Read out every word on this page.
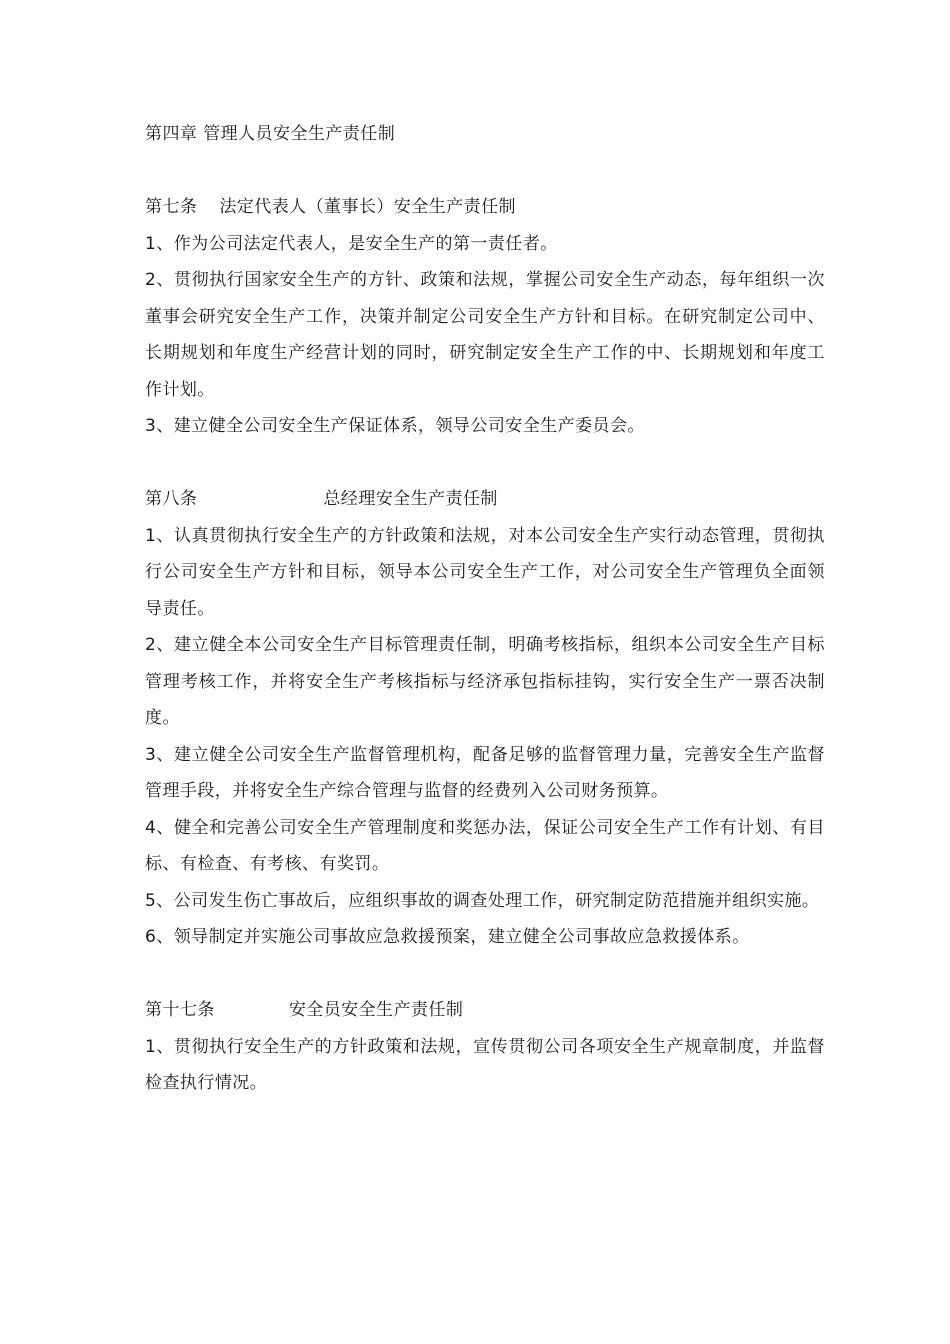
第四章 管理人员安全生产责任制
第七条 法定代表人（董事长）安全生产责任制

1、作为公司法定代表人，是安全生产的第一责任者。

2、贯彻执行国家安全生产的方针、政策和法规，掌握公司安全生产动态，每年组织一次董事会研究安全生产工作，决策并制定公司安全生产方针和目标。在研究制定公司中、长期规划和年度生产经营计划的同时，研究制定安全生产工作的中、长期规划和年度工作计划。

3、建立健全公司安全生产保证体系，领导公司安全生产委员会。

第八条	总经理安全生产责任制

1、认真贯彻执行安全生产的方针政策和法规，对本公司安全生产实行动态管理，贯彻执行公司安全生产方针和目标，领导本公司安全生产工作，对公司安全生产管理负全面领导责任。

2、建立健全本公司安全生产目标管理责任制，明确考核指标，组织本公司安全生产目标管理考核工作，并将安全生产考核指标与经济承包指标挂钩，实行安全生产一票否决制度。

3、建立健全公司安全生产监督管理机构，配备足够的监督管理力量，完善安全生产监督管理手段，并将安全生产综合管理与监督的经费列入公司财务预算。

4、健全和完善公司安全生产管理制度和奖惩办法，保证公司安全生产工作有计划、有目标、有检查、有考核、有奖罚。

5、公司发生伤亡事故后，应组织事故的调查处理工作，研究制定防范措施并组织实施。

6、领导制定并实施公司事故应急救援预案，建立健全公司事故应急救援体系。

第十七条	安全员安全生产责任制

1、贯彻执行安全生产的方针政策和法规，宣传贯彻公司各项安全生产规章制度，并监督检查执行情况。
